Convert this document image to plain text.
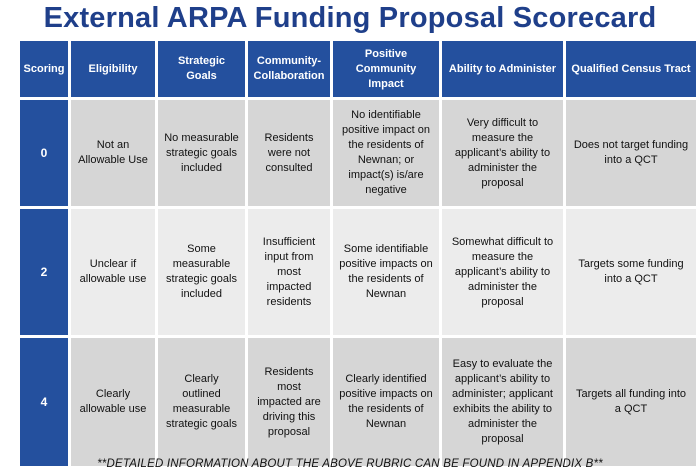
External ARPA Funding Proposal Scorecard
Scoring	Eligibility
Strategic Goals
Community-Collaboration
Positive Community Impact
Ability to Administer	Qualified Census Tract
0
Not an Allowable Use
No measurable strategic goals included
Residents were not consulted
No identifiable positive impact on the residents of Newnan; or impact(s) is/are negative
Very difficult to measure the applicant’s ability to administer the proposal
Does not target funding into a QCT
2
Unclear if allowable use
Some measurable strategic goals included
Insufficient input from most impacted residents
Some identifiable positive impacts on the residents of Newnan
Somewhat difficult to measure the applicant’s ability to administer the proposal
Targets some funding into a QCT
4
Clearly allowable use
Clearly outlined measurable strategic goals
Residents most impacted are driving this proposal
Clearly identified positive impacts on the residents of Newnan
Easy to evaluate the applicant’s ability to administer; applicant exhibits the ability to administer the proposal
Targets all funding into a QCT
**DETAILED INFORMATION ABOUT THE ABOVE RUBRIC CAN BE FOUND IN APPENDIX B**
